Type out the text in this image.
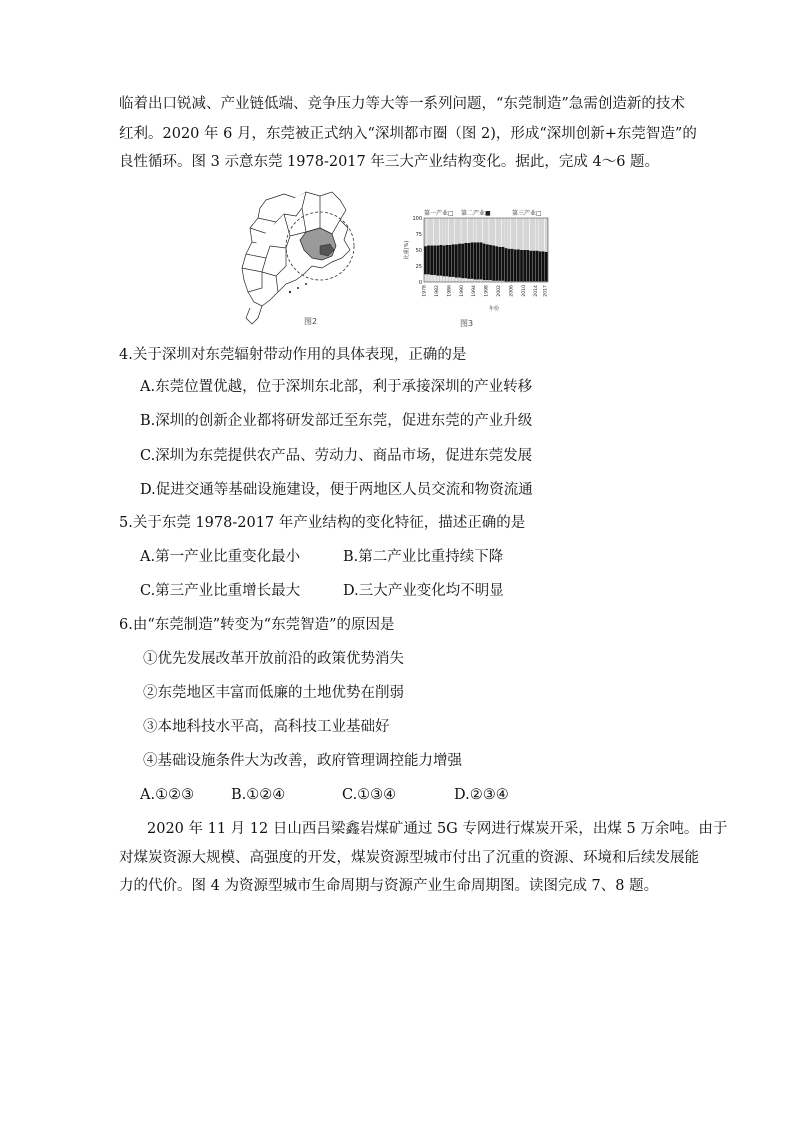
临着出口锐减、产业链低端、竞争压力等大等一系列问题，“东莞制造”急需创造新的技术
红利。2020 年 6 月，东莞被正式纳入“深圳都市圈（图 2)，形成“深圳创新+东莞智造”的
良性循环。图 3 示意东莞 1978-2017 年三大产业结构变化。据此，完成 4～6 题。
图2
第一产业□ 第二产业■	第三产业□
100
75
50
25
0
比重(%)
1978 1982 1986 1990 1994 1998 2002 2006 2010 2014 2017
年份
图3
4.关于深圳对东莞辐射带动作用的具体表现，正确的是
A.东莞位置优越，位于深圳东北部，利于承接深圳的产业转移
B.深圳的创新企业都将研发部迁至东莞，促进东莞的产业升级
C.深圳为东莞提供农产品、劳动力、商品市场，促进东莞发展
D.促进交通等基础设施建设，便于两地区人员交流和物资流通
5.关于东莞 1978-2017 年产业结构的变化特征，描述正确的是
A.第一产业比重变化最小	B.第二产业比重持续下降
C.第三产业比重增长最大	D.三大产业变化均不明显
6.由“东莞制造”转变为“东莞智造”的原因是
①优先发展改革开放前沿的政策优势消失
②东莞地区丰富而低廉的土地优势在削弱
③本地科技水平高，高科技工业基础好
④基础设施条件大为改善，政府管理调控能力增强
A.①②③	B.①②④	C.①③④	D.②③④
2020 年 11 月 12 日山西吕梁鑫岩煤矿通过 5G 专网进行煤炭开采，出煤 5 万余吨。由于
对煤炭资源大规模、高强度的开发，煤炭资源型城市付出了沉重的资源、环境和后续发展能
力的代价。图 4 为资源型城市生命周期与资源产业生命周期图。读图完成 7、8 题。
